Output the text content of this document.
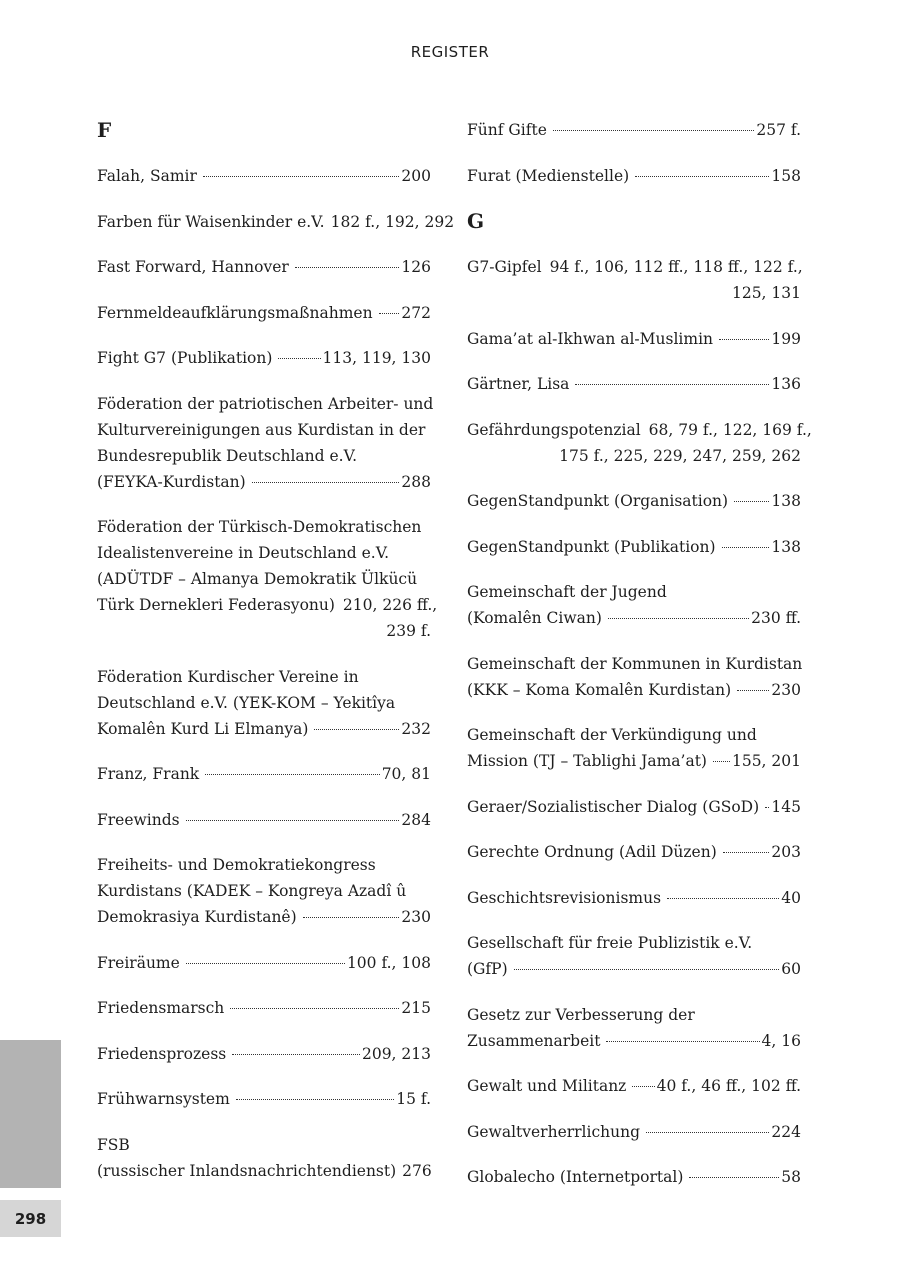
REGISTER
F
Falah, Samir	200
Farben für Waisenkinder e.V. 182 f., 192, 292
Fast Forward, Hannover	126
Fernmeldeaufklärungsmaßnahmen 272
Fight G7 (Publikation)	113, 119, 130
Föderation der patriotischen Arbeiter- und
Kulturvereinigungen aus Kurdistan in der
Bundesrepublik Deutschland e.V.
(FEYKA-Kurdistan)	288
Föderation der Türkisch-Demokratischen
Idealistenvereine in Deutschland e.V.
(ADÜTDF – Almanya Demokratik Ülkücü
Türk Dernekleri Federasyonu) 210, 226 ff.,
239 f.
Föderation Kurdischer Vereine in
Deutschland e.V. (YEK-KOM – Yekitîya
Komalên Kurd Li Elmanya)	232
Franz, Frank	70, 81
Freewinds	284
Freiheits- und Demokratiekongress
Kurdistans (KADEK – Kongreya Azadî û
Demokrasiya Kurdistanê)	230
Freiräume	100 f., 108
Friedensmarsch	215
Friedensprozess	209, 213
Frühwarnsystem	15 f.
FSB
(russischer Inlandsnachrichtendienst) 276
Fünf Gifte	257 f.
Furat (Medienstelle)	158
G
G7-Gipfel 94 f., 106, 112 ff., 118 ff., 122 f.,
125, 131
Gama’at al-Ikhwan al-Muslimin	199
Gärtner, Lisa	136
Gefährdungspotenzial 68, 79 f., 122, 169 f.,
175 f., 225, 229, 247, 259, 262
GegenStandpunkt (Organisation)	138
GegenStandpunkt (Publikation)	138
Gemeinschaft der Jugend
(Komalên Ciwan)	230 ff.
Gemeinschaft der Kommunen in Kurdistan
(KKK – Koma Komalên Kurdistan)	230
Gemeinschaft der Verkündigung und
Mission (TJ – Tablighi Jama’at) 155, 201
Geraer/Sozialistischer Dialog (GSoD) 145
Gerechte Ordnung (Adil Düzen)	203
Geschichtsrevisionismus	40
Gesellschaft für freie Publizistik e.V.
(GfP)	60
Gesetz zur Verbesserung der
Zusammenarbeit	4, 16
Gewalt und Militanz 40 f., 46 ff., 102 ff.
Gewaltverherrlichung	224
Globalecho (Internetportal)	58
298
